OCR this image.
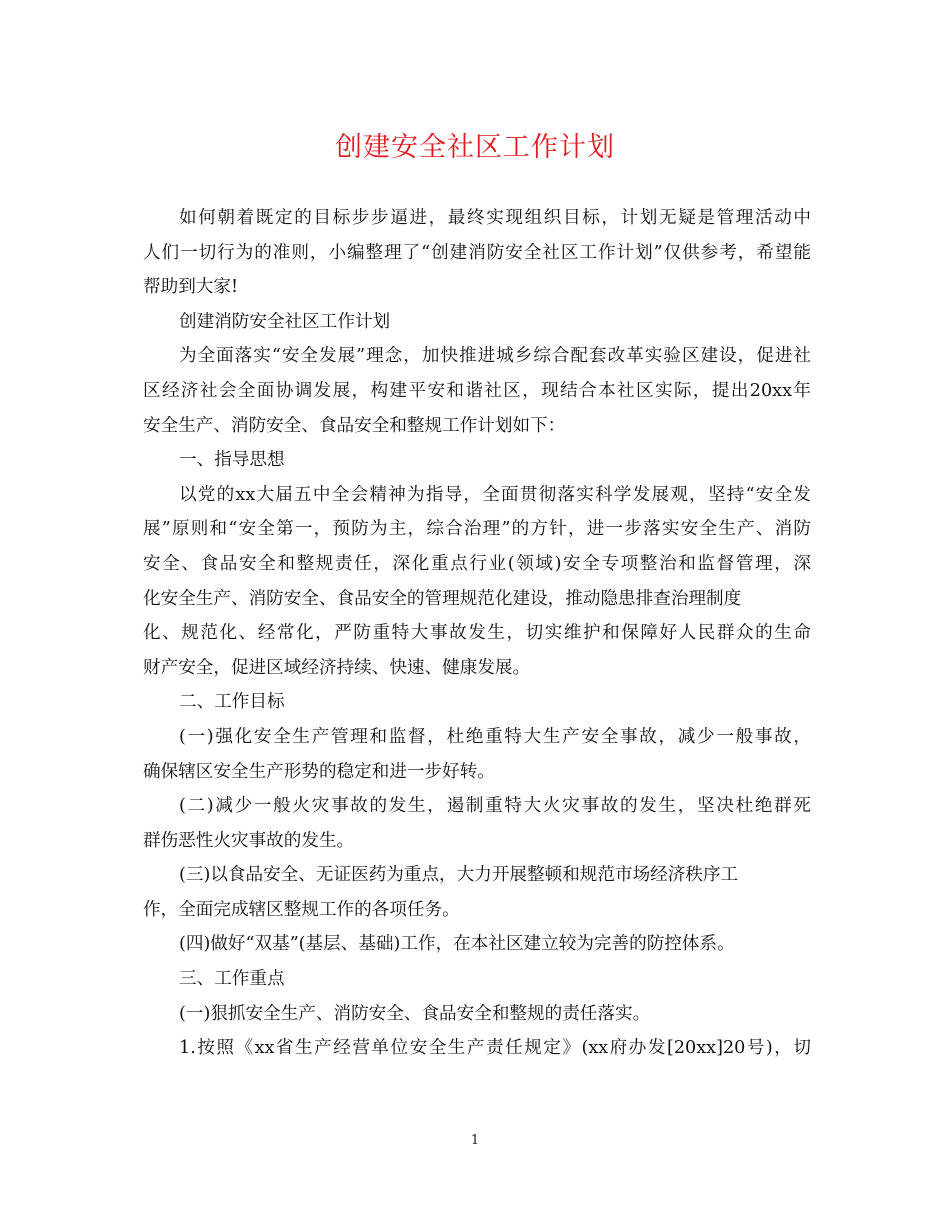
创建安全社区工作计划
如何朝着既定的目标步步逼进，最终实现组织目标，计划无疑是管理活动中
人们一切行为的准则，小编整理了“创建消防安全社区工作计划”仅供参考，希望能
帮助到大家!
创建消防安全社区工作计划
为全面落实“安全发展”理念，加快推进城乡综合配套改革实验区建设，促进社
区经济社会全面协调发展，构建平安和谐社区，现结合本社区实际，提出20xx年
安全生产、消防安全、食品安全和整规工作计划如下：
一、指导思想
以党的xx大届五中全会精神为指导，全面贯彻落实科学发展观，坚持“安全发
展”原则和“安全第一，预防为主，综合治理”的方针，进一步落实安全生产、消防
安全、食品安全和整规责任，深化重点行业(领域)安全专项整治和监督管理，深
化安全生产、消防安全、食品安全的管理规范化建设，推动隐患排查治理制度
化、规范化、经常化，严防重特大事故发生，切实维护和保障好人民群众的生命
财产安全，促进区域经济持续、快速、健康发展。
二、工作目标
(一)强化安全生产管理和监督，杜绝重特大生产安全事故，减少一般事故，
确保辖区安全生产形势的稳定和进一步好转。
(二)减少一般火灾事故的发生，遏制重特大火灾事故的发生，坚决杜绝群死
群伤恶性火灾事故的发生。
(三)以食品安全、无证医药为重点，大力开展整顿和规范市场经济秩序工
作，全面完成辖区整规工作的各项任务。
(四)做好“双基”(基层、基础)工作，在本社区建立较为完善的防控体系。
三、工作重点
(一)狠抓安全生产、消防安全、食品安全和整规的责任落实。
1.按照《xx省生产经营单位安全生产责任规定》(xx府办发[20xx]20号)，切
1
